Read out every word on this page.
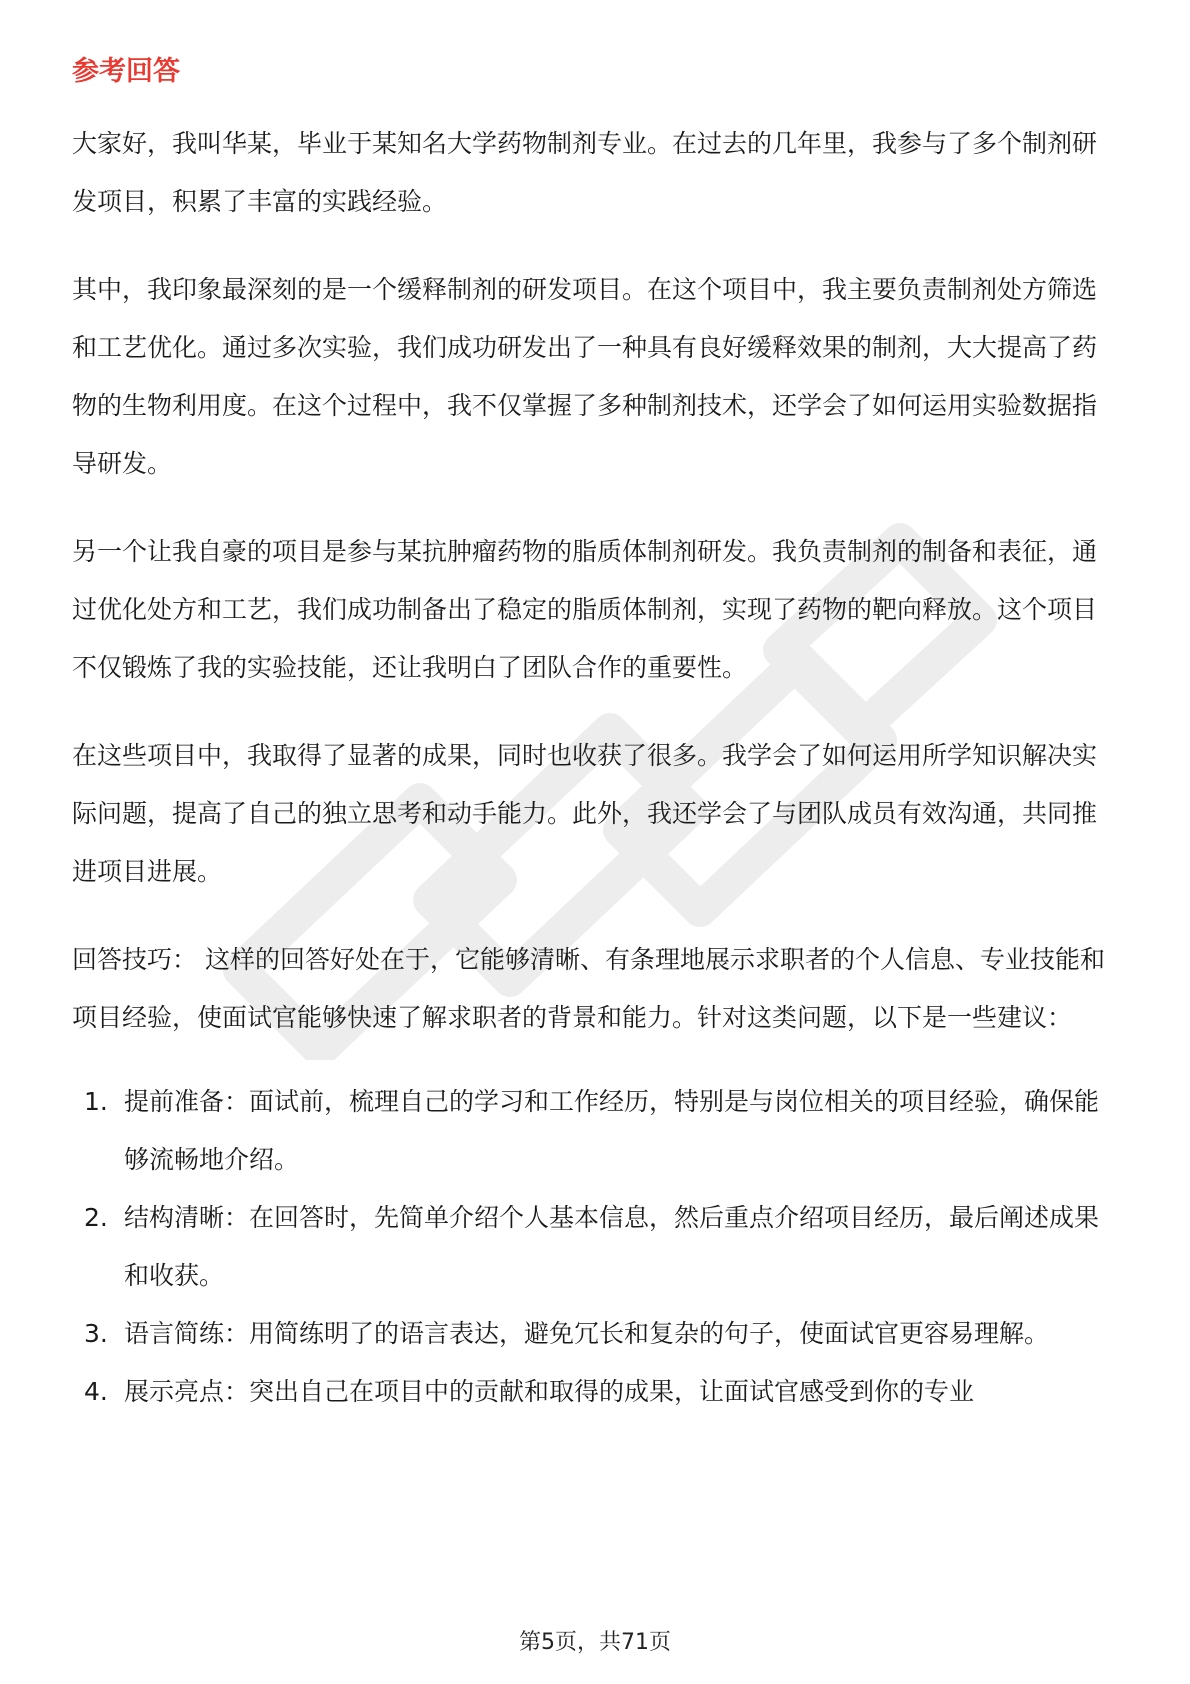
参考回答

大家好，我叫华某，毕业于某知名大学药物制剂专业。在过去的几年里，我参与了多个制剂研发项目，积累了丰富的实践经验。

其中，我印象最深刻的是一个缓释制剂的研发项目。在这个项目中，我主要负责制剂处方筛选和工艺优化。通过多次实验，我们成功研发出了一种具有良好缓释效果的制剂，大大提高了药物的生物利用度。在这个过程中，我不仅掌握了多种制剂技术，还学会了如何运用实验数据指导研发。

另一个让我自豪的项目是参与某抗肿瘤药物的脂质体制剂研发。我负责制剂的制备和表征，通过优化处方和工艺，我们成功制备出了稳定的脂质体制剂，实现了药物的靶向释放。这个项目不仅锻炼了我的实验技能，还让我明白了团队合作的重要性。

在这些项目中，我取得了显著的成果，同时也收获了很多。我学会了如何运用所学知识解决实际问题，提高了自己的独立思考和动手能力。此外，我还学会了与团队成员有效沟通，共同推进项目进展。

回答技巧： 这样的回答好处在于，它能够清晰、有条理地展示求职者的个人信息、专业技能和项目经验，使面试官能够快速了解求职者的背景和能力。针对这类问题，以下是一些建议：

1. 提前准备：面试前，梳理自己的学习和工作经历，特别是与岗位相关的项目经验，确保能够流畅地介绍。
2. 结构清晰：在回答时，先简单介绍个人基本信息，然后重点介绍项目经历，最后阐述成果和收获。
3. 语言简练：用简练明了的语言表达，避免冗长和复杂的句子，使面试官更容易理解。
4. 展示亮点：突出自己在项目中的贡献和取得的成果，让面试官感受到你的专业
第5页，共71页
